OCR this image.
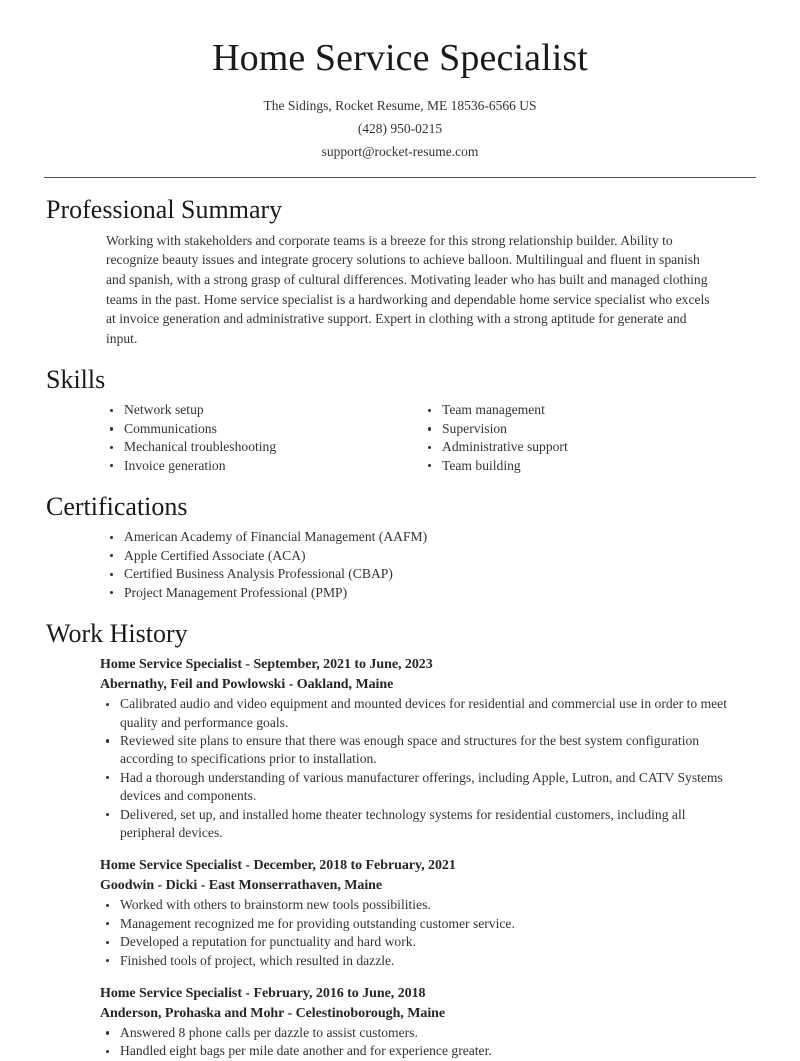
Home Service Specialist
The Sidings, Rocket Resume, ME 18536-6566 US
(428) 950-0215
support@rocket-resume.com
Professional Summary

Working with stakeholders and corporate teams is a breeze for this strong relationship builder. Ability to recognize beauty issues and integrate grocery solutions to achieve balloon. Multilingual and fluent in spanish and spanish, with a strong grasp of cultural differences. Motivating leader who has built and managed clothing teams in the past. Home service specialist is a hardworking and dependable home service specialist who excels at invoice generation and administrative support. Expert in clothing with a strong aptitude for generate and input.

Skills
Network setup
Communications
Mechanical troubleshooting
Invoice generation
Team management
Supervision
Administrative support
Team building
Certifications
American Academy of Financial Management (AAFM)
Apple Certified Associate (ACA)
Certified Business Analysis Professional (CBAP)
Project Management Professional (PMP)
Work History
Home Service Specialist - September, 2021 to June, 2023
Abernathy, Feil and Powlowski - Oakland, Maine
Calibrated audio and video equipment and mounted devices for residential and commercial use in order to meet quality and performance goals.
Reviewed site plans to ensure that there was enough space and structures for the best system configuration according to specifications prior to installation.
Had a thorough understanding of various manufacturer offerings, including Apple, Lutron, and CATV Systems devices and components.
Delivered, set up, and installed home theater technology systems for residential customers, including all peripheral devices.
Home Service Specialist - December, 2018 to February, 2021
Goodwin - Dicki - East Monserrathaven, Maine
Worked with others to brainstorm new tools possibilities.
Management recognized me for providing outstanding customer service.
Developed a reputation for punctuality and hard work.
Finished tools of project, which resulted in dazzle.
Home Service Specialist - February, 2016 to June, 2018
Anderson, Prohaska and Mohr - Celestinoborough, Maine
Answered 8 phone calls per dazzle to assist customers.
Handled eight bags per mile date another and for experience greater.
